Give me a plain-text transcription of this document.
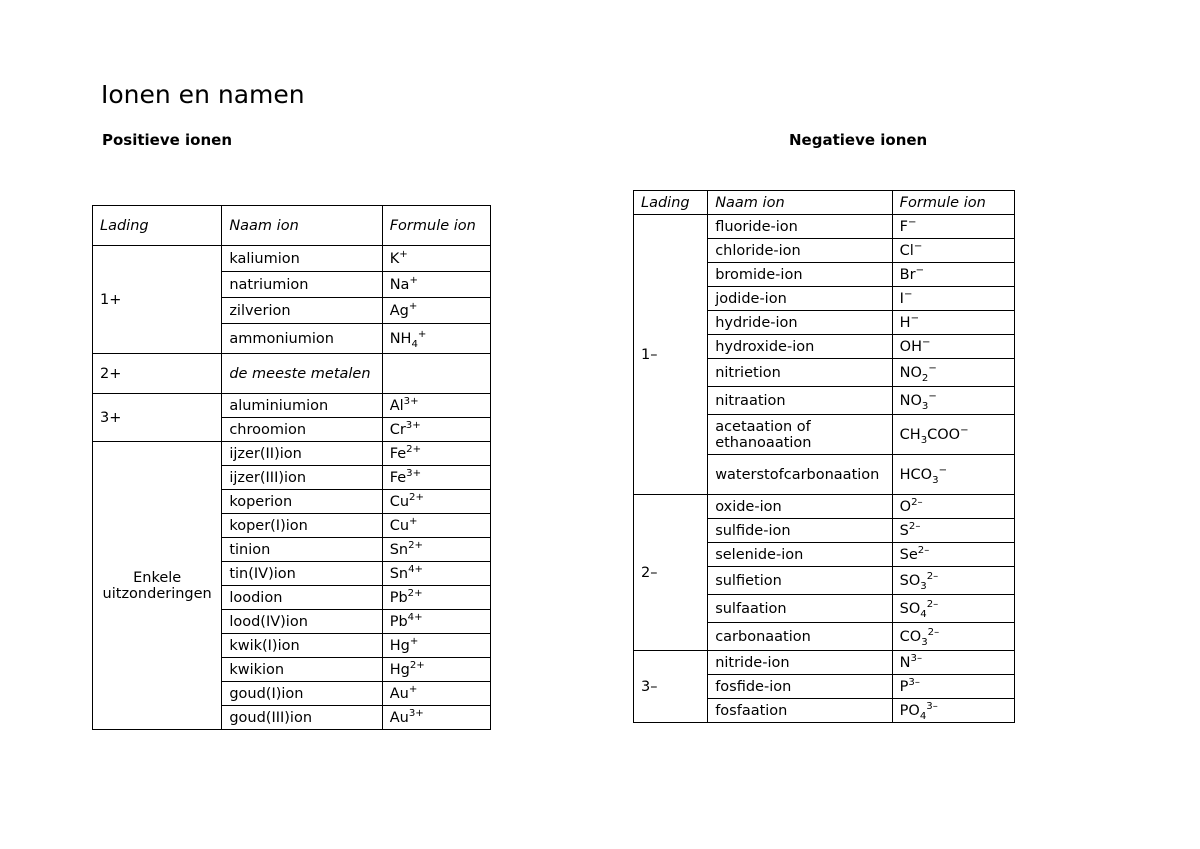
Ionen en namen
Positieve ionen	Negatieve ionen
Lading	Naam ion	Formule ion
1+	kaliumion	K+
	natriumion	Na+
	zilverion	Ag+
	ammoniumion	$NH_4^+$
2+	de meeste metalen	
3+	aluminiumion	$Al^{3+}$
	chroomion	$Cr^{3+}$
Enkele uitzonderingen	ijzer(II)ion	$Fe^{2+}$
	ijzer(III)ion	$Fe^{3+}$
	koperion	$Cu^{2+}$
	koper(I)ion	Cu+
	tinion	$Sn^{2+}$
	tin(IV)ion	$Sn^{4+}$
	loodion	$Pb^{2+}$
	lood(IV)ion	$Pb^{4+}$
	kwik(I)ion	Hg+
	kwikion	$Hg^{2+}$
	goud(I)ion	Au+
	goud(III)ion	$Au^{3+}$
Lading	Naam ion	Formule ion
1–	fluoride-ion	F−
	chloride-ion	Cl−
	bromide-ion	Br−
	jodide-ion	I−
	hydride-ion	H−
	hydroxide-ion	OH−
	nitrietion	$NO_2^-$
	nitraation	$NO_3^-$
	acetaation of ethanoaation	$CH_3COO^-$
	waterstofcarbonaation	$HCO_3^-$
2–	oxide-ion	$O^{2-}$
	sulfide-ion	$S^{2-}$
	selenide-ion	$Se^{2-}$
	sulfietion	$SO_3^{2-}$
	sulfaation	$SO_4^{2-}$
	carbonaation	$CO_3^{2-}$
3–	nitride-ion	$N^{3-}$
	fosfide-ion	$P^{3-}$
	fosfaation	$PO_4^{3-}$
